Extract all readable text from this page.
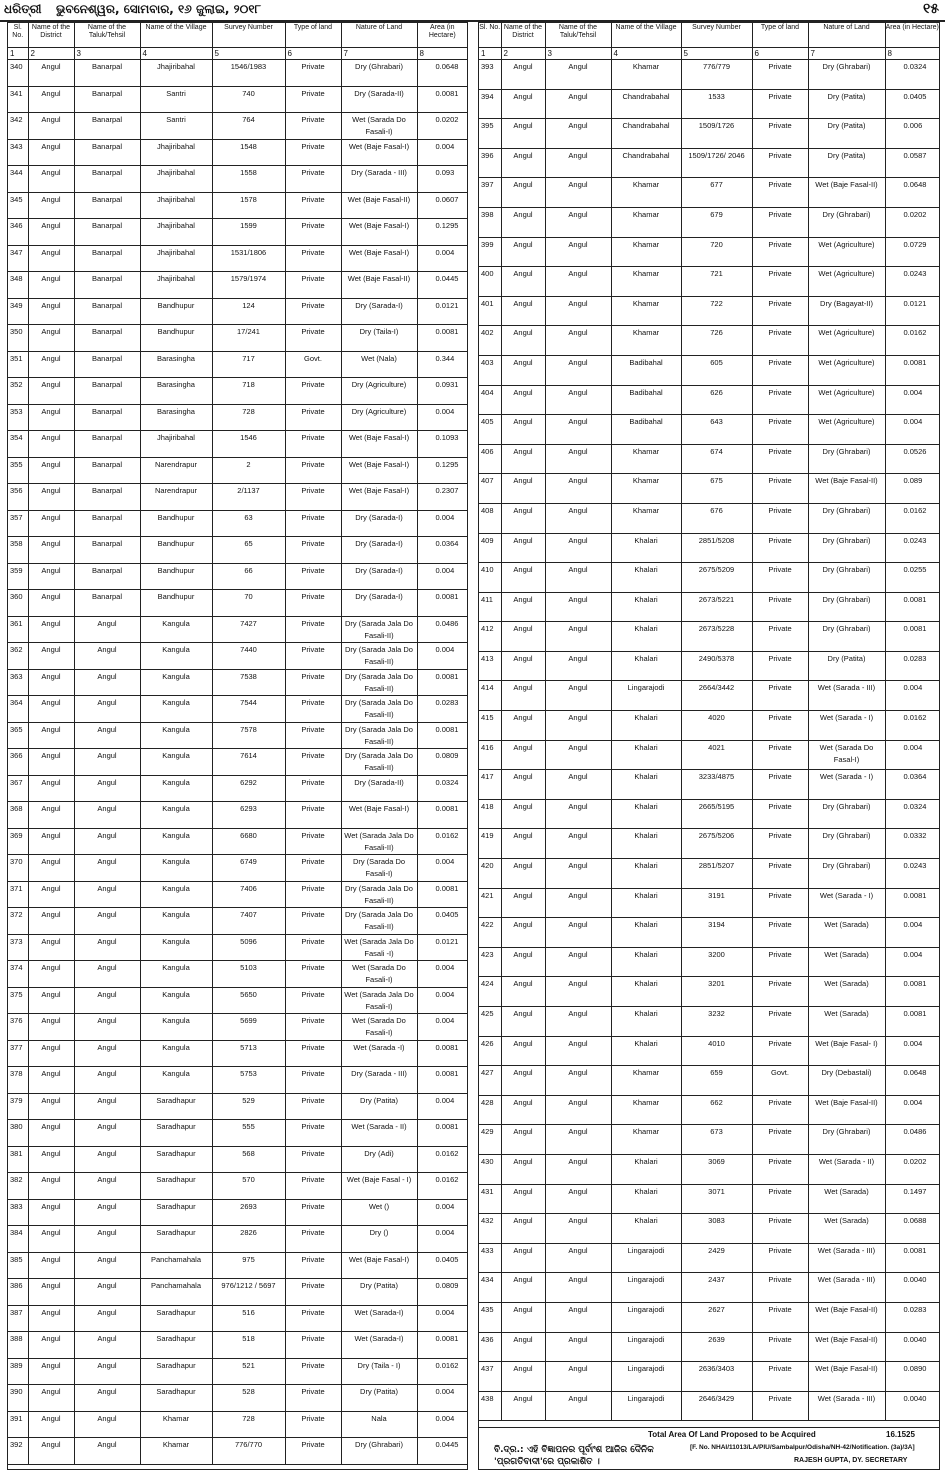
ଧରିତ୍ରୀ ଭୁବନେଶ୍ୱର, ସୋମବାର, ୧୬ ଜୁଲାଇ, ୨୦୧୮	୧୫
Sl. No.	Name of the District	Name of the Taluk/Tehsil	Name of the Village	Survey Number	Type of land	Nature of Land	Area (in Hectare)
1	2	3	4	5	6	7	8
340	Angul	Banarpal	Jhajiribahal	1546/1983	Private	Dry (Ghrabari)	0.0648
341	Angul	Banarpal	Santri	740	Private	Dry (Sarada-II)	0.0081
342	Angul	Banarpal	Santri	764	Private	Wet (Sarada Do Fasali-I)	0.0202
343	Angul	Banarpal	Jhajiribahal	1548	Private	Wet (Baje Fasal-I)	0.004
344	Angul	Banarpal	Jhajiribahal	1558	Private	Dry (Sarada - III)	0.093
345	Angul	Banarpal	Jhajiribahal	1578	Private	Wet (Baje Fasal-II)	0.0607
346	Angul	Banarpal	Jhajiribahal	1599	Private	Wet (Baje Fasal-I)	0.1295
347	Angul	Banarpal	Jhajiribahal	1531/1806	Private	Wet (Baje Fasal-I)	0.004
348	Angul	Banarpal	Jhajiribahal	1579/1974	Private	Wet (Baje Fasal-II)	0.0445
349	Angul	Banarpal	Bandhupur	124	Private	Dry (Sarada-I)	0.0121
350	Angul	Banarpal	Bandhupur	17/241	Private	Dry (Taila-I)	0.0081
351	Angul	Banarpal	Barasingha	717	Govt.	Wet (Nala)	0.344
352	Angul	Banarpal	Barasingha	718	Private	Dry (Agriculture)	0.0931
353	Angul	Banarpal	Barasingha	728	Private	Dry (Agriculture)	0.004
354	Angul	Banarpal	Jhajiribahal	1546	Private	Wet (Baje Fasal-I)	0.1093
355	Angul	Banarpal	Narendrapur	2	Private	Wet (Baje Fasal-I)	0.1295
356	Angul	Banarpal	Narendrapur	2/1137	Private	Wet (Baje Fasal-I)	0.2307
357	Angul	Banarpal	Bandhupur	63	Private	Dry (Sarada-I)	0.004
358	Angul	Banarpal	Bandhupur	65	Private	Dry (Sarada-I)	0.0364
359	Angul	Banarpal	Bandhupur	66	Private	Dry (Sarada-I)	0.004
360	Angul	Banarpal	Bandhupur	70	Private	Dry (Sarada-I)	0.0081
361	Angul	Angul	Kangula	7427	Private	Dry (Sarada Jala Do Fasali-II)	0.0486
362	Angul	Angul	Kangula	7440	Private	Dry (Sarada Jala Do Fasali-II)	0.004
363	Angul	Angul	Kangula	7538	Private	Dry (Sarada Jala Do Fasali-II)	0.0081
364	Angul	Angul	Kangula	7544	Private	Dry (Sarada Jala Do Fasali-II)	0.0283
365	Angul	Angul	Kangula	7578	Private	Dry (Sarada Jala Do Fasali-II)	0.0081
366	Angul	Angul	Kangula	7614	Private	Dry (Sarada Jala Do Fasali-II)	0.0809
367	Angul	Angul	Kangula	6292	Private	Dry (Sarada-II)	0.0324
368	Angul	Angul	Kangula	6293	Private	Wet (Baje Fasal-I)	0.0081
369	Angul	Angul	Kangula	6680	Private	Wet (Sarada Jala Do Fasali-II)	0.0162
370	Angul	Angul	Kangula	6749	Private	Dry (Sarada Do Fasali-I)	0.004
371	Angul	Angul	Kangula	7406	Private	Dry (Sarada Jala Do Fasali-II)	0.0081
372	Angul	Angul	Kangula	7407	Private	Dry (Sarada Jala Do Fasali-II)	0.0405
373	Angul	Angul	Kangula	5096	Private	Wet (Sarada Jala Do Fasali -I)	0.0121
374	Angul	Angul	Kangula	5103	Private	Wet (Sarada Do Fasali-I)	0.004
375	Angul	Angul	Kangula	5650	Private	Wet (Sarada Jala Do Fasali-I)	0.004
376	Angul	Angul	Kangula	5699	Private	Wet (Sarada Do Fasali-I)	0.004
377	Angul	Angul	Kangula	5713	Private	Wet (Sarada -I)	0.0081
378	Angul	Angul	Kangula	5753	Private	Dry (Sarada - III)	0.0081
379	Angul	Angul	Saradhapur	529	Private	Dry (Patita)	0.004
380	Angul	Angul	Saradhapur	555	Private	Wet (Sarada - II)	0.0081
381	Angul	Angul	Saradhapur	568	Private	Dry (Adi)	0.0162
382	Angul	Angul	Saradhapur	570	Private	Wet (Baje Fasal - I)	0.0162
383	Angul	Angul	Saradhapur	2693	Private	Wet ()	0.004
384	Angul	Angul	Saradhapur	2826	Private	Dry ()	0.004
385	Angul	Angul	Panchamahala	975	Private	Wet (Baje Fasal-I)	0.0405
386	Angul	Angul	Panchamahala	976/1212 / 5697	Private	Dry (Patita)	0.0809
387	Angul	Angul	Saradhapur	516	Private	Wet (Sarada-I)	0.004
388	Angul	Angul	Saradhapur	518	Private	Wet (Sarada-I)	0.0081
389	Angul	Angul	Saradhapur	521	Private	Dry (Taila - I)	0.0162
390	Angul	Angul	Saradhapur	528	Private	Dry (Patita)	0.004
391	Angul	Angul	Khamar	728	Private	Nala	0.004
392	Angul	Angul	Khamar	776/770	Private	Dry (Ghrabari)	0.0445
Sl. No.	Name of the District	Name of the Taluk/Tehsil	Name of the Village	Survey Number	Type of land	Nature of Land	Area (in Hectare)
1	2	3	4	5	6	7	8
393	Angul	Angul	Khamar	776/779	Private	Dry (Ghrabari)	0.0324
394	Angul	Angul	Chandrabahal	1533	Private	Dry (Patita)	0.0405
395	Angul	Angul	Chandrabahal	1509/1726	Private	Dry (Patita)	0.006
396	Angul	Angul	Chandrabahal	1509/1726/ 2046	Private	Dry (Patita)	0.0587
397	Angul	Angul	Khamar	677	Private	Wet (Baje Fasal-II)	0.0648
398	Angul	Angul	Khamar	679	Private	Dry (Ghrabari)	0.0202
399	Angul	Angul	Khamar	720	Private	Wet (Agriculture)	0.0729
400	Angul	Angul	Khamar	721	Private	Wet (Agriculture)	0.0243
401	Angul	Angul	Khamar	722	Private	Dry (Bagayat-II)	0.0121
402	Angul	Angul	Khamar	726	Private	Wet (Agriculture)	0.0162
403	Angul	Angul	Badibahal	605	Private	Wet (Agriculture)	0.0081
404	Angul	Angul	Badibahal	626	Private	Wet (Agriculture)	0.004
405	Angul	Angul	Badibahal	643	Private	Wet (Agriculture)	0.004
406	Angul	Angul	Khamar	674	Private	Dry (Ghrabari)	0.0526
407	Angul	Angul	Khamar	675	Private	Wet (Baje Fasal-II)	0.089
408	Angul	Angul	Khamar	676	Private	Dry (Ghrabari)	0.0162
409	Angul	Angul	Khalari	2851/5208	Private	Dry (Ghrabari)	0.0243
410	Angul	Angul	Khalari	2675/5209	Private	Dry (Ghrabari)	0.0255
411	Angul	Angul	Khalari	2673/5221	Private	Dry (Ghrabari)	0.0081
412	Angul	Angul	Khalari	2673/5228	Private	Dry (Ghrabari)	0.0081
413	Angul	Angul	Khalari	2490/5378	Private	Dry (Patita)	0.0283
414	Angul	Angul	Lingarajodi	2664/3442	Private	Wet (Sarada - III)	0.004
415	Angul	Angul	Khalari	4020	Private	Wet (Sarada - I)	0.0162
416	Angul	Angul	Khalari	4021	Private	Wet (Sarada Do Fasal-I)	0.004
417	Angul	Angul	Khalari	3233/4875	Private	Wet (Sarada - I)	0.0364
418	Angul	Angul	Khalari	2665/5195	Private	Dry (Ghrabari)	0.0324
419	Angul	Angul	Khalari	2675/5206	Private	Dry (Ghrabari)	0.0332
420	Angul	Angul	Khalari	2851/5207	Private	Dry (Ghrabari)	0.0243
421	Angul	Angul	Khalari	3191	Private	Wet (Sarada - I)	0.0081
422	Angul	Angul	Khalari	3194	Private	Wet (Sarada)	0.004
423	Angul	Angul	Khalari	3200	Private	Wet (Sarada)	0.004
424	Angul	Angul	Khalari	3201	Private	Wet (Sarada)	0.0081
425	Angul	Angul	Khalari	3232	Private	Wet (Sarada)	0.0081
426	Angul	Angul	Khalari	4010	Private	Wet (Baje Fasal- I)	0.004
427	Angul	Angul	Khamar	659	Govt.	Dry (Debastali)	0.0648
428	Angul	Angul	Khamar	662	Private	Wet (Baje Fasal-II)	0.004
429	Angul	Angul	Khamar	673	Private	Dry (Ghrabari)	0.0486
430	Angul	Angul	Khalari	3069	Private	Wet (Sarada - II)	0.0202
431	Angul	Angul	Khalari	3071	Private	Wet (Sarada)	0.1497
432	Angul	Angul	Khalari	3083	Private	Wet (Sarada)	0.0688
433	Angul	Angul	Lingarajodi	2429	Private	Wet (Sarada - III)	0.0081
434	Angul	Angul	Lingarajodi	2437	Private	Wet (Sarada - III)	0.0040
435	Angul	Angul	Lingarajodi	2627	Private	Wet (Baje Fasal-II)	0.0283
436	Angul	Angul	Lingarajodi	2639	Private	Wet (Baje Fasal-II)	0.0040
437	Angul	Angul	Lingarajodi	2636/3403	Private	Wet (Baje Fasal-II)	0.0890
438	Angul	Angul	Lingarajodi	2646/3429	Private	Wet (Sarada - III)	0.0040
Total Area Of Land Proposed to be Acquired	16.1525
ବି.ଦ୍ର.: ଏହି ବିଜ୍ଞାପନର ପୂର୍ବାଂଶ ଆଜିର ଦୈନିକ 'ପ୍ରଗତିବାଦୀ'ରେ ପ୍ରକାଶିତ ।
[F. No. NHAI/11013/LA/PIU/Sambalpur/Odisha/NH-42/Notification. (3a)/3A]
RAJESH GUPTA, DY. SECRETARY
